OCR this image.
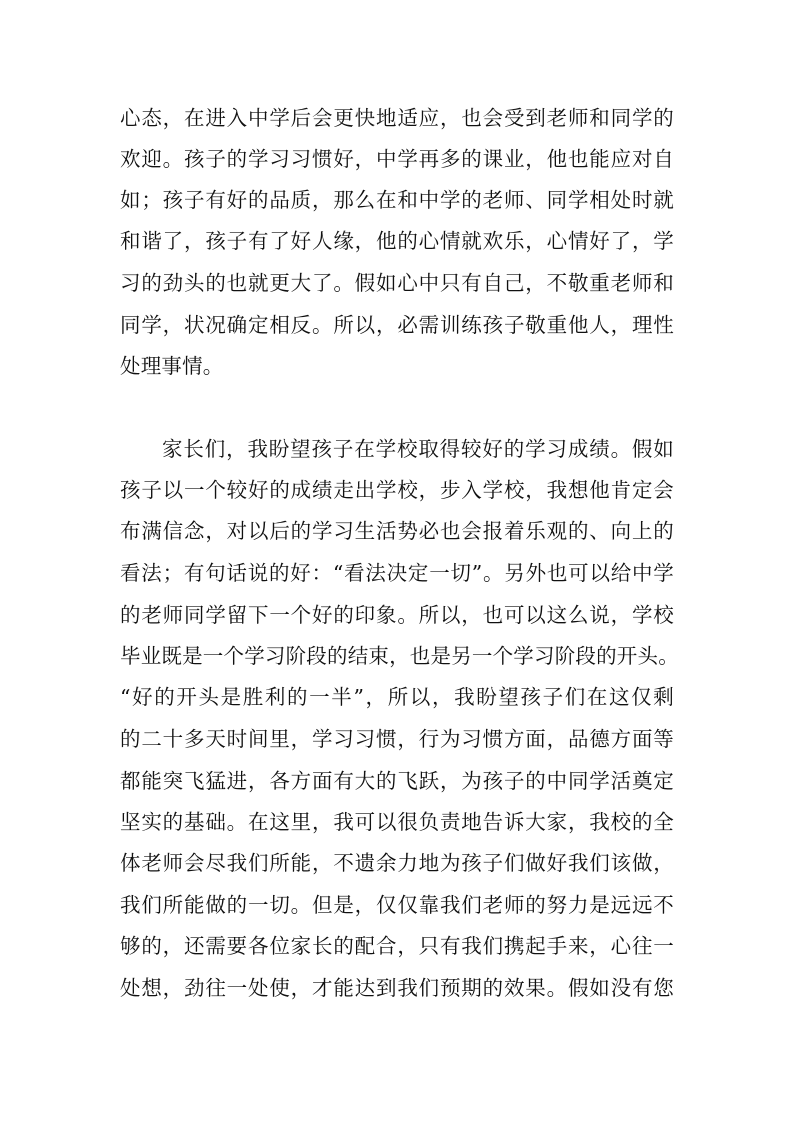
心态，在进入中学后会更快地适应，也会受到老师和同学的
欢迎。孩子的学习习惯好，中学再多的课业，他也能应对自
如；孩子有好的品质，那么在和中学的老师、同学相处时就
和谐了，孩子有了好人缘，他的心情就欢乐，心情好了，学
习的劲头的也就更大了。假如心中只有自己，不敬重老师和
同学，状况确定相反。所以，必需训练孩子敬重他人，理性
处理事情。
家长们，我盼望孩子在学校取得较好的学习成绩。假如
孩子以一个较好的成绩走出学校，步入学校，我想他肯定会
布满信念，对以后的学习生活势必也会报着乐观的、向上的
看法；有句话说的好：“看法决定一切”。另外也可以给中学
的老师同学留下一个好的印象。所以，也可以这么说，学校
毕业既是一个学习阶段的结束，也是另一个学习阶段的开头。
“好的开头是胜利的一半”，所以，我盼望孩子们在这仅剩
的二十多天时间里，学习习惯，行为习惯方面，品德方面等
都能突飞猛进，各方面有大的飞跃，为孩子的中同学活奠定
坚实的基础。在这里，我可以很负责地告诉大家，我校的全
体老师会尽我们所能，不遗余力地为孩子们做好我们该做，
我们所能做的一切。但是，仅仅靠我们老师的努力是远远不
够的，还需要各位家长的配合，只有我们携起手来，心往一
处想，劲往一处使，才能达到我们预期的效果。假如没有您
